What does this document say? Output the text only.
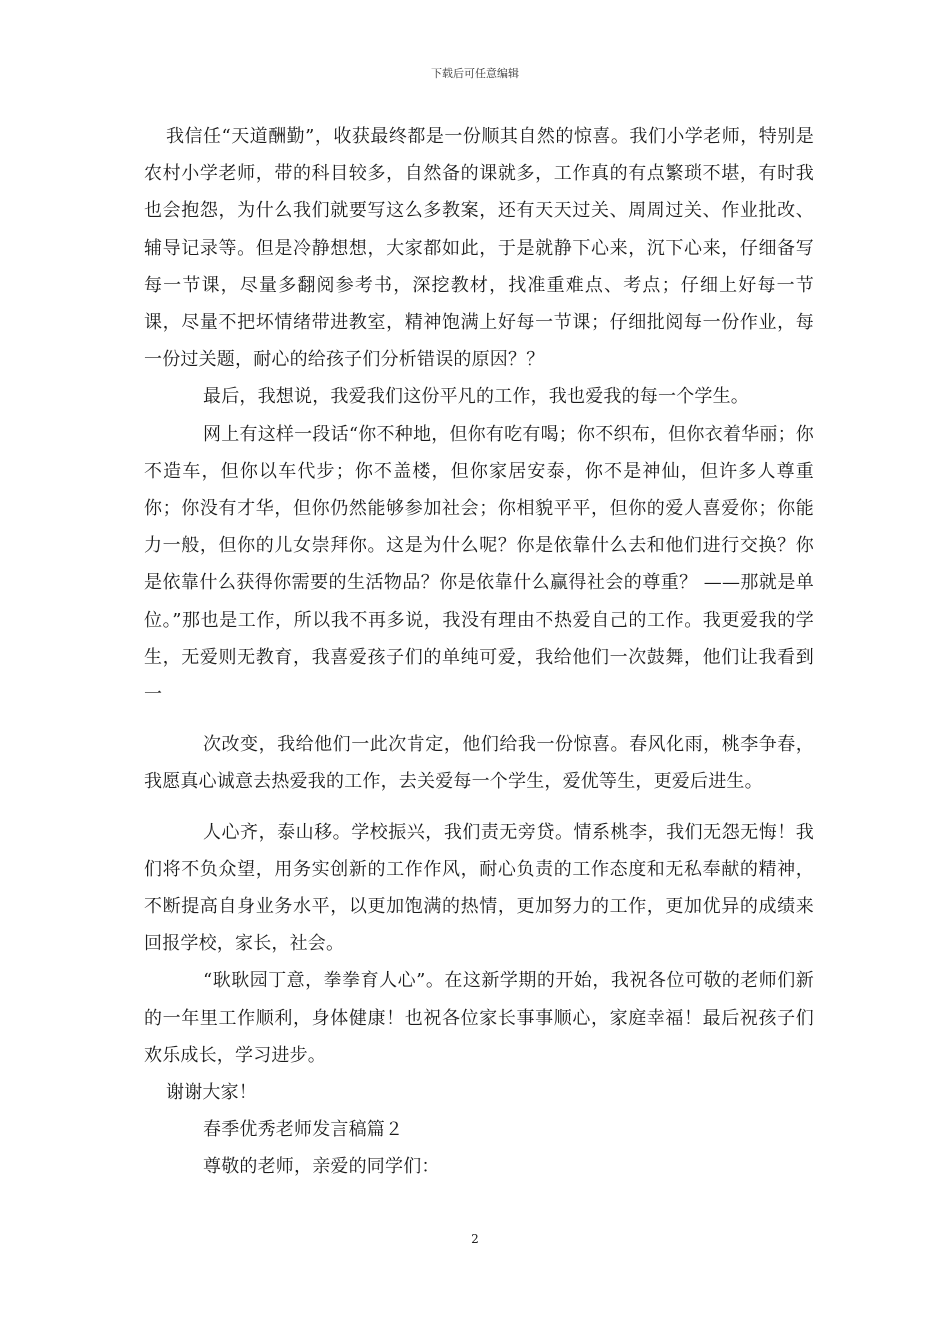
下载后可任意编辑

我信任“天道酬勤”，收获最终都是一份顺其自然的惊喜。我们小学老师，特别是农村小学老师，带的科目较多，自然备的课就多，工作真的有点繁琐不堪，有时我也会抱怨，为什么我们就要写这么多教案，还有天天过关、周周过关、作业批改、辅导记录等。但是冷静想想，大家都如此，于是就静下心来，沉下心来，仔细备写每一节课，尽量多翻阅参考书，深挖教材，找准重难点、考点；仔细上好每一节课，尽量不把坏情绪带进教室，精神饱满上好每一节课；仔细批阅每一份作业，每一份过关题，耐心的给孩子们分析错误的原因？？

最后，我想说，我爱我们这份平凡的工作，我也爱我的每一个学生。

网上有这样一段话“你不种地，但你有吃有喝；你不织布，但你衣着华丽；你不造车，但你以车代步；你不盖楼，但你家居安泰，你不是神仙，但许多人尊重你；你没有才华，但你仍然能够参加社会；你相貌平平，但你的爱人喜爱你；你能力一般，但你的儿女崇拜你。这是为什么呢？你是依靠什么去和他们进行交换？你是依靠什么获得你需要的生活物品？你是依靠什么赢得社会的尊重？ ——那就是单位。”那也是工作，所以我不再多说，我没有理由不热爱自己的工作。我更爱我的学生，无爱则无教育，我喜爱孩子们的单纯可爱，我给他们一次鼓舞，他们让我看到一

次改变，我给他们一此次肯定，他们给我一份惊喜。春风化雨，桃李争春，我愿真心诚意去热爱我的工作，去关爱每一个学生，爱优等生，更爱后进生。

人心齐，泰山移。学校振兴，我们责无旁贷。情系桃李，我们无怨无悔！我们将不负众望，用务实创新的工作作风，耐心负责的工作态度和无私奉献的精神，不断提高自身业务水平，以更加饱满的热情，更加努力的工作，更加优异的成绩来回报学校，家长，社会。

“耿耿园丁意，拳拳育人心”。在这新学期的开始，我祝各位可敬的老师们新的一年里工作顺利，身体健康！也祝各位家长事事顺心，家庭幸福！最后祝孩子们欢乐成长，学习进步。

谢谢大家！

春季优秀老师发言稿篇２

尊敬的老师，亲爱的同学们：

2
